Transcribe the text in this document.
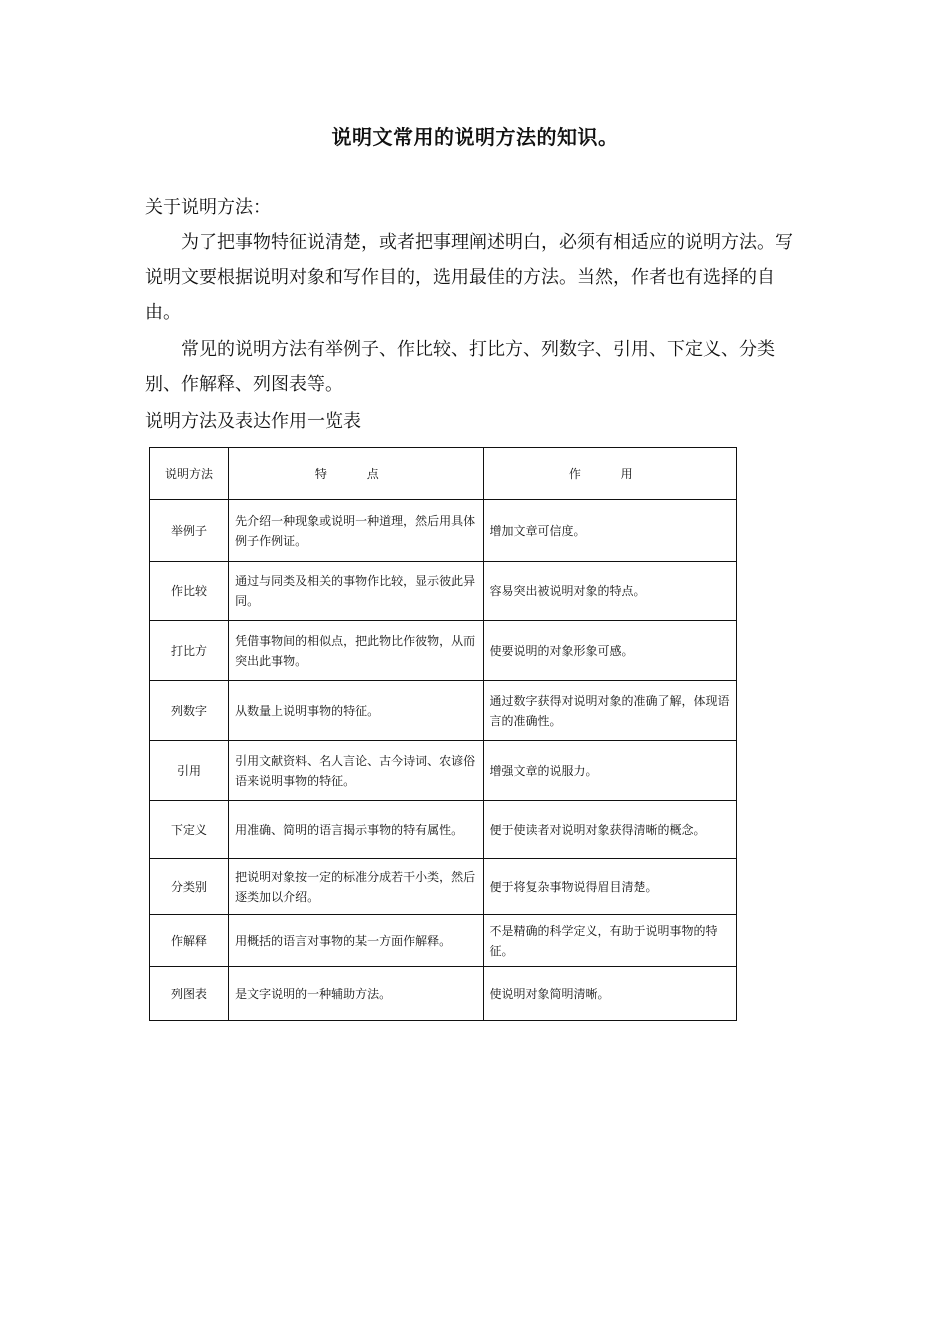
说明文常用的说明方法的知识。
关于说明方法：
为了把事物特征说清楚，或者把事理阐述明白，必须有相适应的说明方法。写说明文要根据说明对象和写作目的，选用最佳的方法。当然，作者也有选择的自由。
常见的说明方法有举例子、作比较、打比方、列数字、引用、下定义、分类别、作解释、列图表等。
说明方法及表达作用一览表
说明方法	特 点	作 用
举例子	先介绍一种现象或说明一种道理，然后用具体例子作例证。	增加文章可信度。
作比较	通过与同类及相关的事物作比较，显示彼此异同。	容易突出被说明对象的特点。
打比方	凭借事物间的相似点，把此物比作彼物，从而突出此事物。	使要说明的对象形象可感。
列数字	从数量上说明事物的特征。	通过数字获得对说明对象的准确了解，体现语言的准确性。
引用	引用文献资料、名人言论、古今诗词、农谚俗语来说明事物的特征。	增强文章的说服力。
下定义	用准确、简明的语言揭示事物的特有属性。	便于使读者对说明对象获得清晰的概念。
分类别	把说明对象按一定的标准分成若干小类，然后逐类加以介绍。	便于将复杂事物说得眉目清楚。
作解释	用概括的语言对事物的某一方面作解释。	不是精确的科学定义，有助于说明事物的特征。
列图表	是文字说明的一种辅助方法。	使说明对象简明清晰。
